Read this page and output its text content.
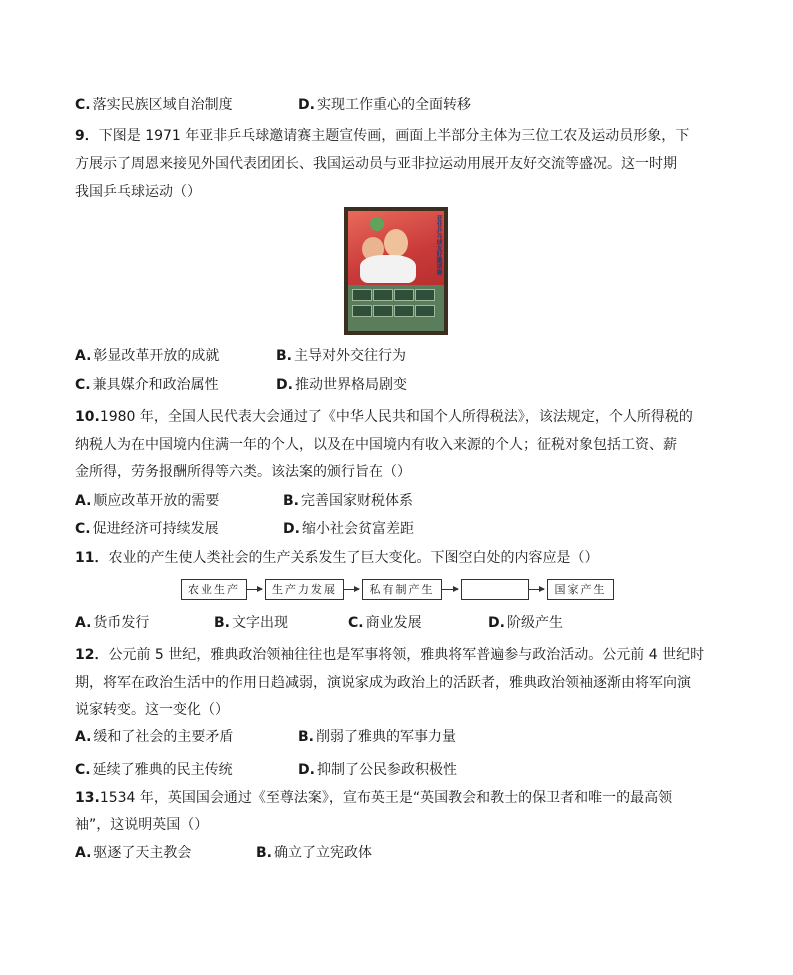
C. 落实民族区域自治制度	D. 实现工作重心的全面转移
9．下图是 1971 年亚非乒乓球邀请赛主题宣传画，画面上半部分主体为三位工农及运动员形象，下
方展示了周恩来接见外国代表团团长、我国运动员与亚非拉运动用展开友好交流等盛况。这一时期
我国乒乓球运动（）
亚非乒乓球友好邀请赛
A. 彰显改革开放的成就	B. 主导对外交往行为
C. 兼具媒介和政治属性	D. 推动世界格局剧变
10.1980 年，全国人民代表大会通过了《中华人民共和国个人所得税法》，该法规定，个人所得税的
纳税人为在中国境内住满一年的个人，以及在中国境内有收入来源的个人；征税对象包括工资、薪
金所得，劳务报酬所得等六类。该法案的颁行旨在（）
A. 顺应改革开放的需要	B. 完善国家财税体系
C. 促进经济可持续发展	D. 缩小社会贫富差距
11．农业的产生使人类社会的生产关系发生了巨大变化。下图空白处的内容应是（）
农业生产	生产力发展	私有制产生	国家产生
A. 货币发行	B. 文字出现	C. 商业发展	D. 阶级产生
12．公元前 5 世纪，雅典政治领袖往往也是军事将领，雅典将军普遍参与政治活动。公元前 4 世纪时
期，将军在政治生活中的作用日趋减弱，演说家成为政治上的活跃者，雅典政治领袖逐渐由将军向演
说家转变。这一变化（）
A. 缓和了社会的主要矛盾	B. 削弱了雅典的军事力量
C. 延续了雅典的民主传统	D. 抑制了公民参政积极性
13.1534 年，英国国会通过《至尊法案》，宣布英王是“英国教会和教士的保卫者和唯一的最高领
袖”，这说明英国（）
A. 驱逐了天主教会	B. 确立了立宪政体
